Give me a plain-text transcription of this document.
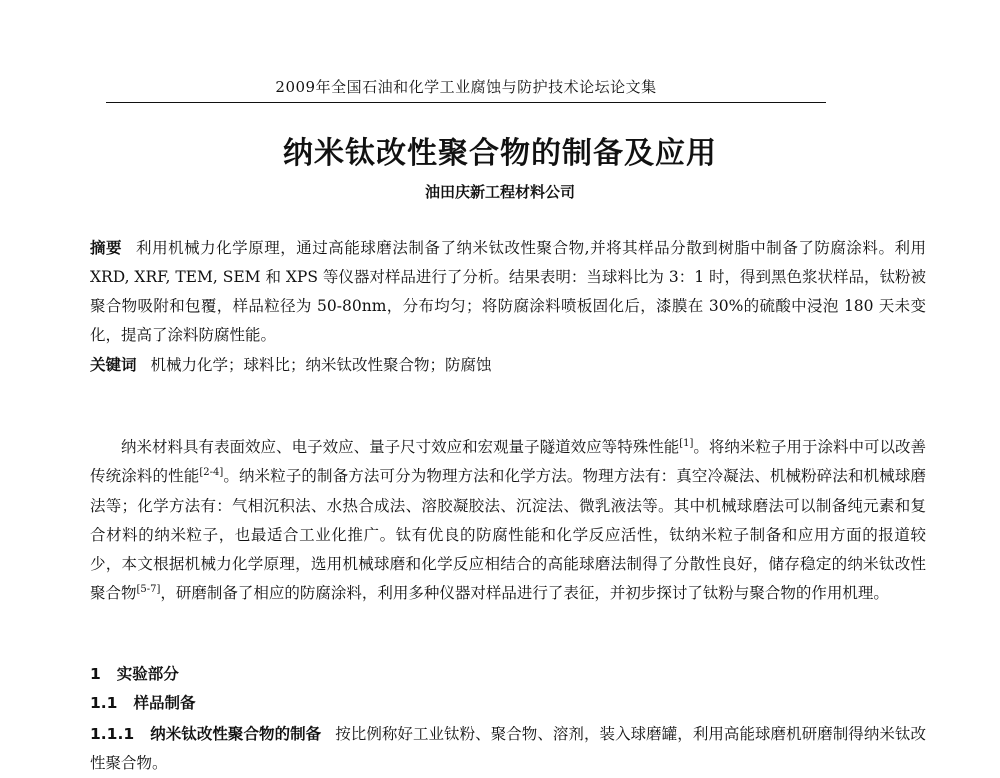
2009年全国石油和化学工业腐蚀与防护技术论坛论文集
纳米钛改性聚合物的制备及应用
油田庆新工程材料公司
摘要 利用机械力化学原理，通过高能球磨法制备了纳米钛改性聚合物,并将其样品分散到树脂中制备了防腐涂料。利用 XRD, XRF, TEM, SEM 和 XPS 等仪器对样品进行了分析。结果表明：当球料比为 3：1 时，得到黑色浆状样品，钛粉被聚合物吸附和包覆，样品粒径为 50-80nm，分布均匀；将防腐涂料喷板固化后，漆膜在 30%的硫酸中浸泡 180 天未变化，提高了涂料防腐性能。
关键词 机械力化学；球料比；纳米钛改性聚合物；防腐蚀
纳米材料具有表面效应、电子效应、量子尺寸效应和宏观量子隧道效应等特殊性能[1]。将纳米粒子用于涂料中可以改善传统涂料的性能[2-4]。纳米粒子的制备方法可分为物理方法和化学方法。物理方法有：真空冷凝法、机械粉碎法和机械球磨法等；化学方法有：气相沉积法、水热合成法、溶胶凝胶法、沉淀法、微乳液法等。其中机械球磨法可以制备纯元素和复合材料的纳米粒子，也最适合工业化推广。钛有优良的防腐性能和化学反应活性，钛纳米粒子制备和应用方面的报道较少，本文根据机械力化学原理，选用机械球磨和化学反应相结合的高能球磨法制得了分散性良好，储存稳定的纳米钛改性聚合物[5-7]，研磨制备了相应的防腐涂料，利用多种仪器对样品进行了表征，并初步探讨了钛粉与聚合物的作用机理。
1 实验部分
1.1 样品制备
1.1.1 纳米钛改性聚合物的制备 按比例称好工业钛粉、聚合物、溶剂，装入球磨罐，利用高能球磨机研磨制得纳米钛改性聚合物。
